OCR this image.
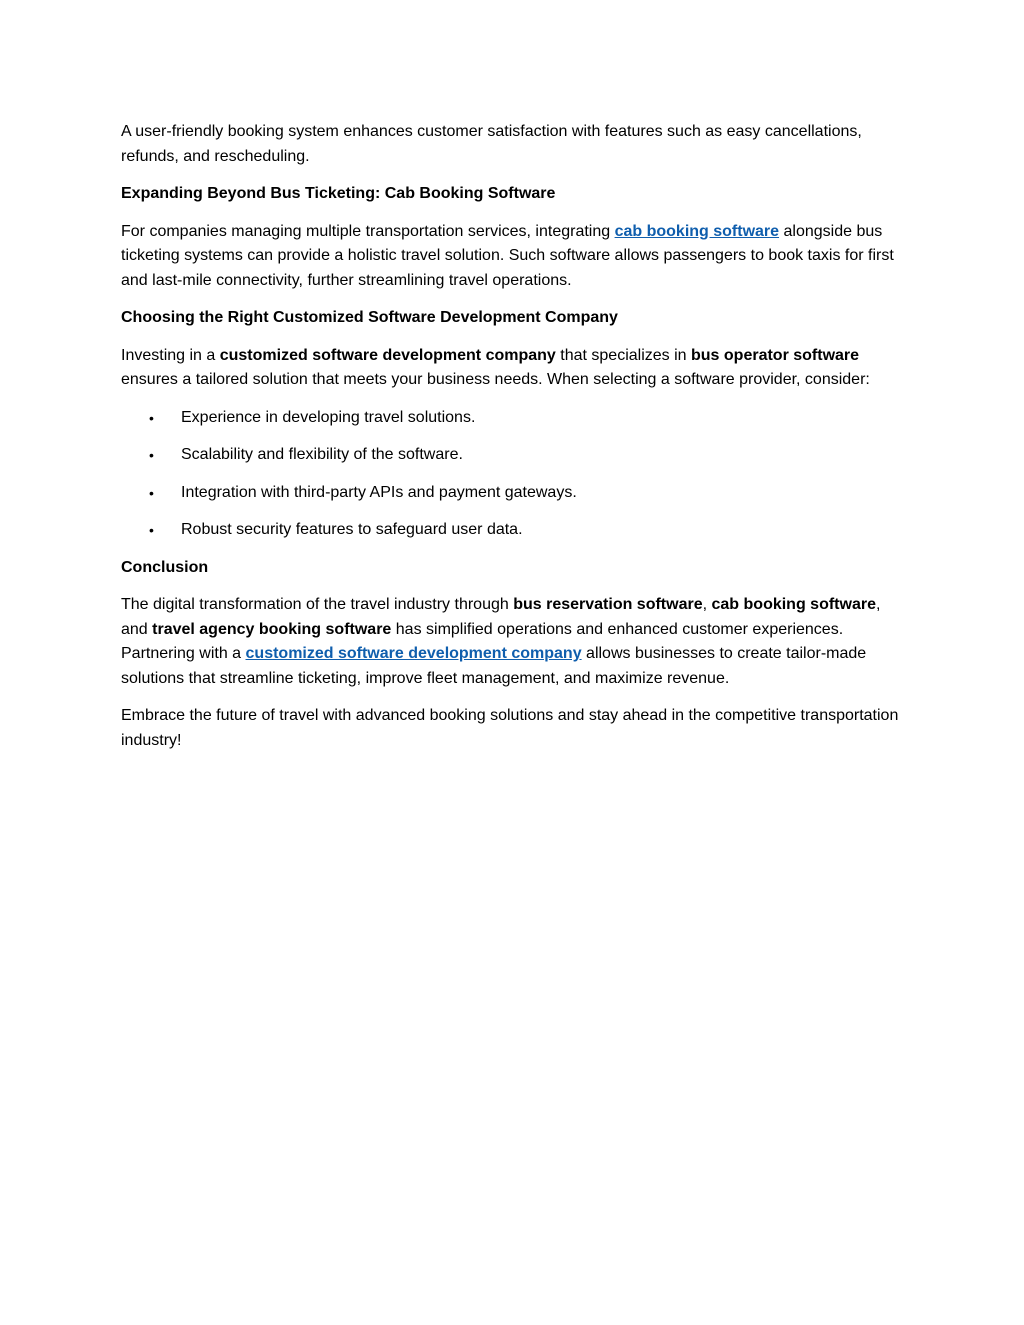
A user-friendly booking system enhances customer satisfaction with features such as easy cancellations, refunds, and rescheduling.

Expanding Beyond Bus Ticketing: Cab Booking Software

For companies managing multiple transportation services, integrating cab booking software alongside bus ticketing systems can provide a holistic travel solution. Such software allows passengers to book taxis for first and last-mile connectivity, further streamlining travel operations.

Choosing the Right Customized Software Development Company

Investing in a customized software development company that specializes in bus operator software ensures a tailored solution that meets your business needs. When selecting a software provider, consider:

• Experience in developing travel solutions.
• Scalability and flexibility of the software.
• Integration with third-party APIs and payment gateways.
• Robust security features to safeguard user data.
Conclusion

The digital transformation of the travel industry through bus reservation software, cab booking software, and travel agency booking software has simplified operations and enhanced customer experiences. Partnering with a customized software development company allows businesses to create tailor-made solutions that streamline ticketing, improve fleet management, and maximize revenue.

Embrace the future of travel with advanced booking solutions and stay ahead in the competitive transportation industry!
